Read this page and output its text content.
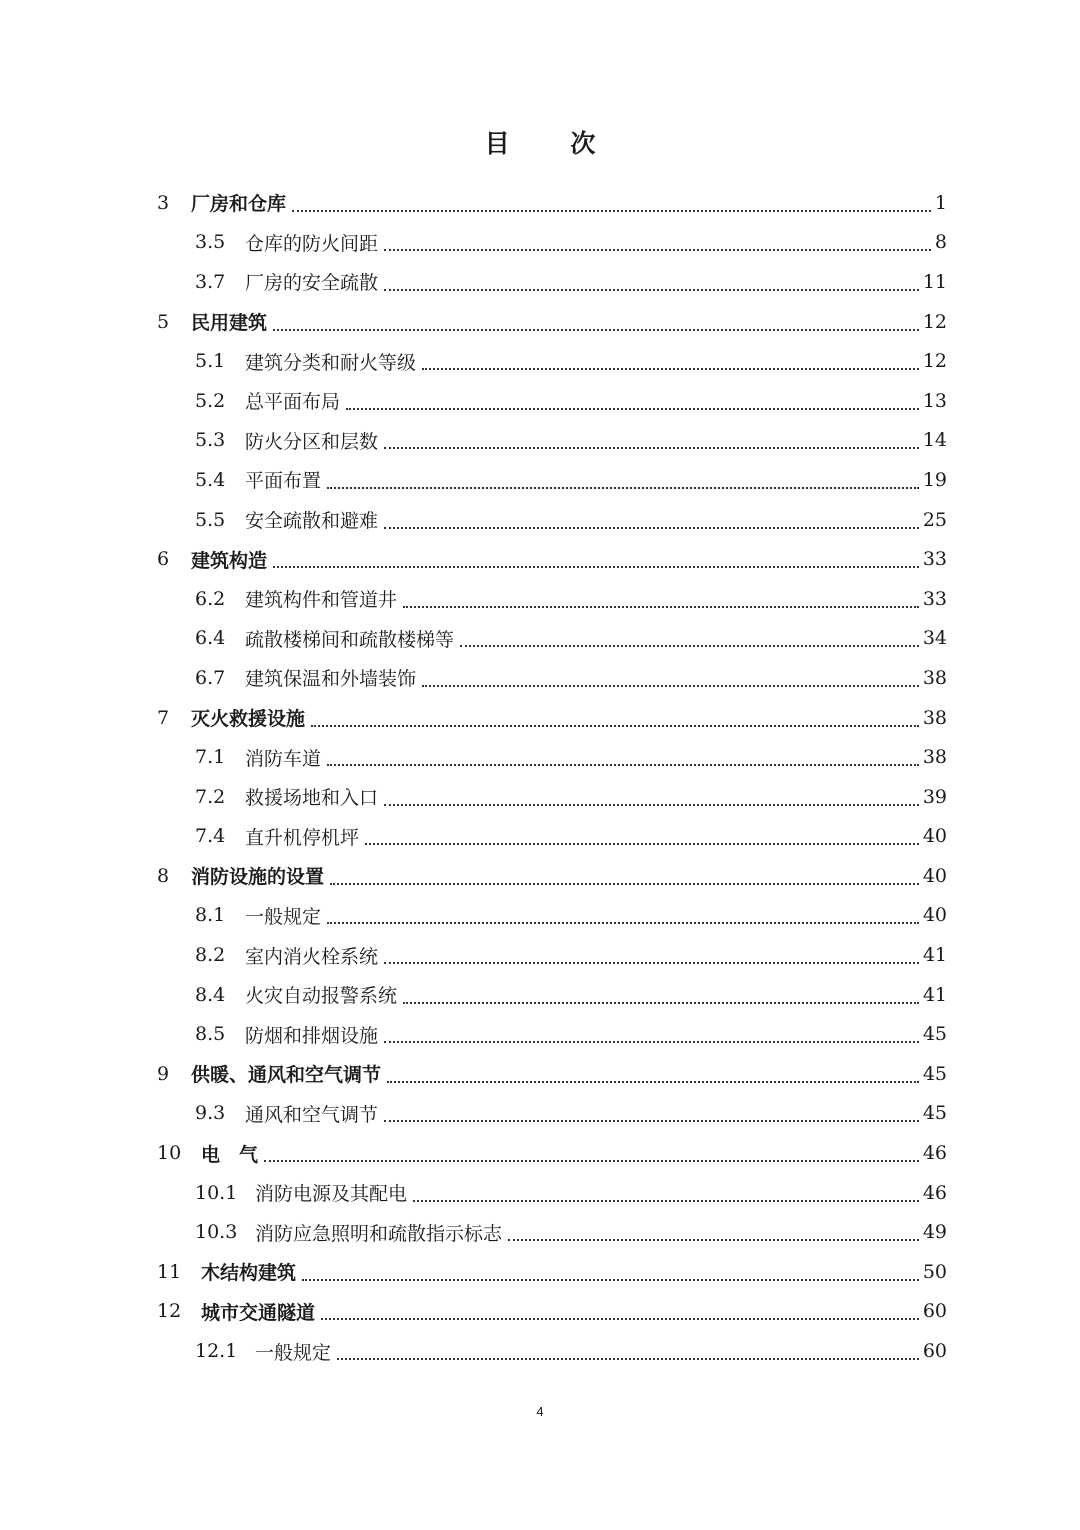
目 次
3	厂房和仓库	1
3.5	仓库的防火间距	8
3.7	厂房的安全疏散	11
5	民用建筑	12
5.1	建筑分类和耐火等级	12
5.2	总平面布局	13
5.3	防火分区和层数	14
5.4	平面布置	19
5.5	安全疏散和避难	25
6	建筑构造	33
6.2	建筑构件和管道井	33
6.4	疏散楼梯间和疏散楼梯等	34
6.7	建筑保温和外墙装饰	38
7	灭火救援设施	38
7.1	消防车道	38
7.2	救援场地和入口	39
7.4	直升机停机坪	40
8	消防设施的设置	40
8.1	一般规定	40
8.2	室内消火栓系统	41
8.4	火灾自动报警系统	41
8.5	防烟和排烟设施	45
9	供暖、通风和空气调节	45
9.3	通风和空气调节	45
10	电　气	46
10.1 消防电源及其配电	46
10.3 消防应急照明和疏散指示标志	49
11	木结构建筑	50
12	城市交通隧道	60
12.1 一般规定	60
4
